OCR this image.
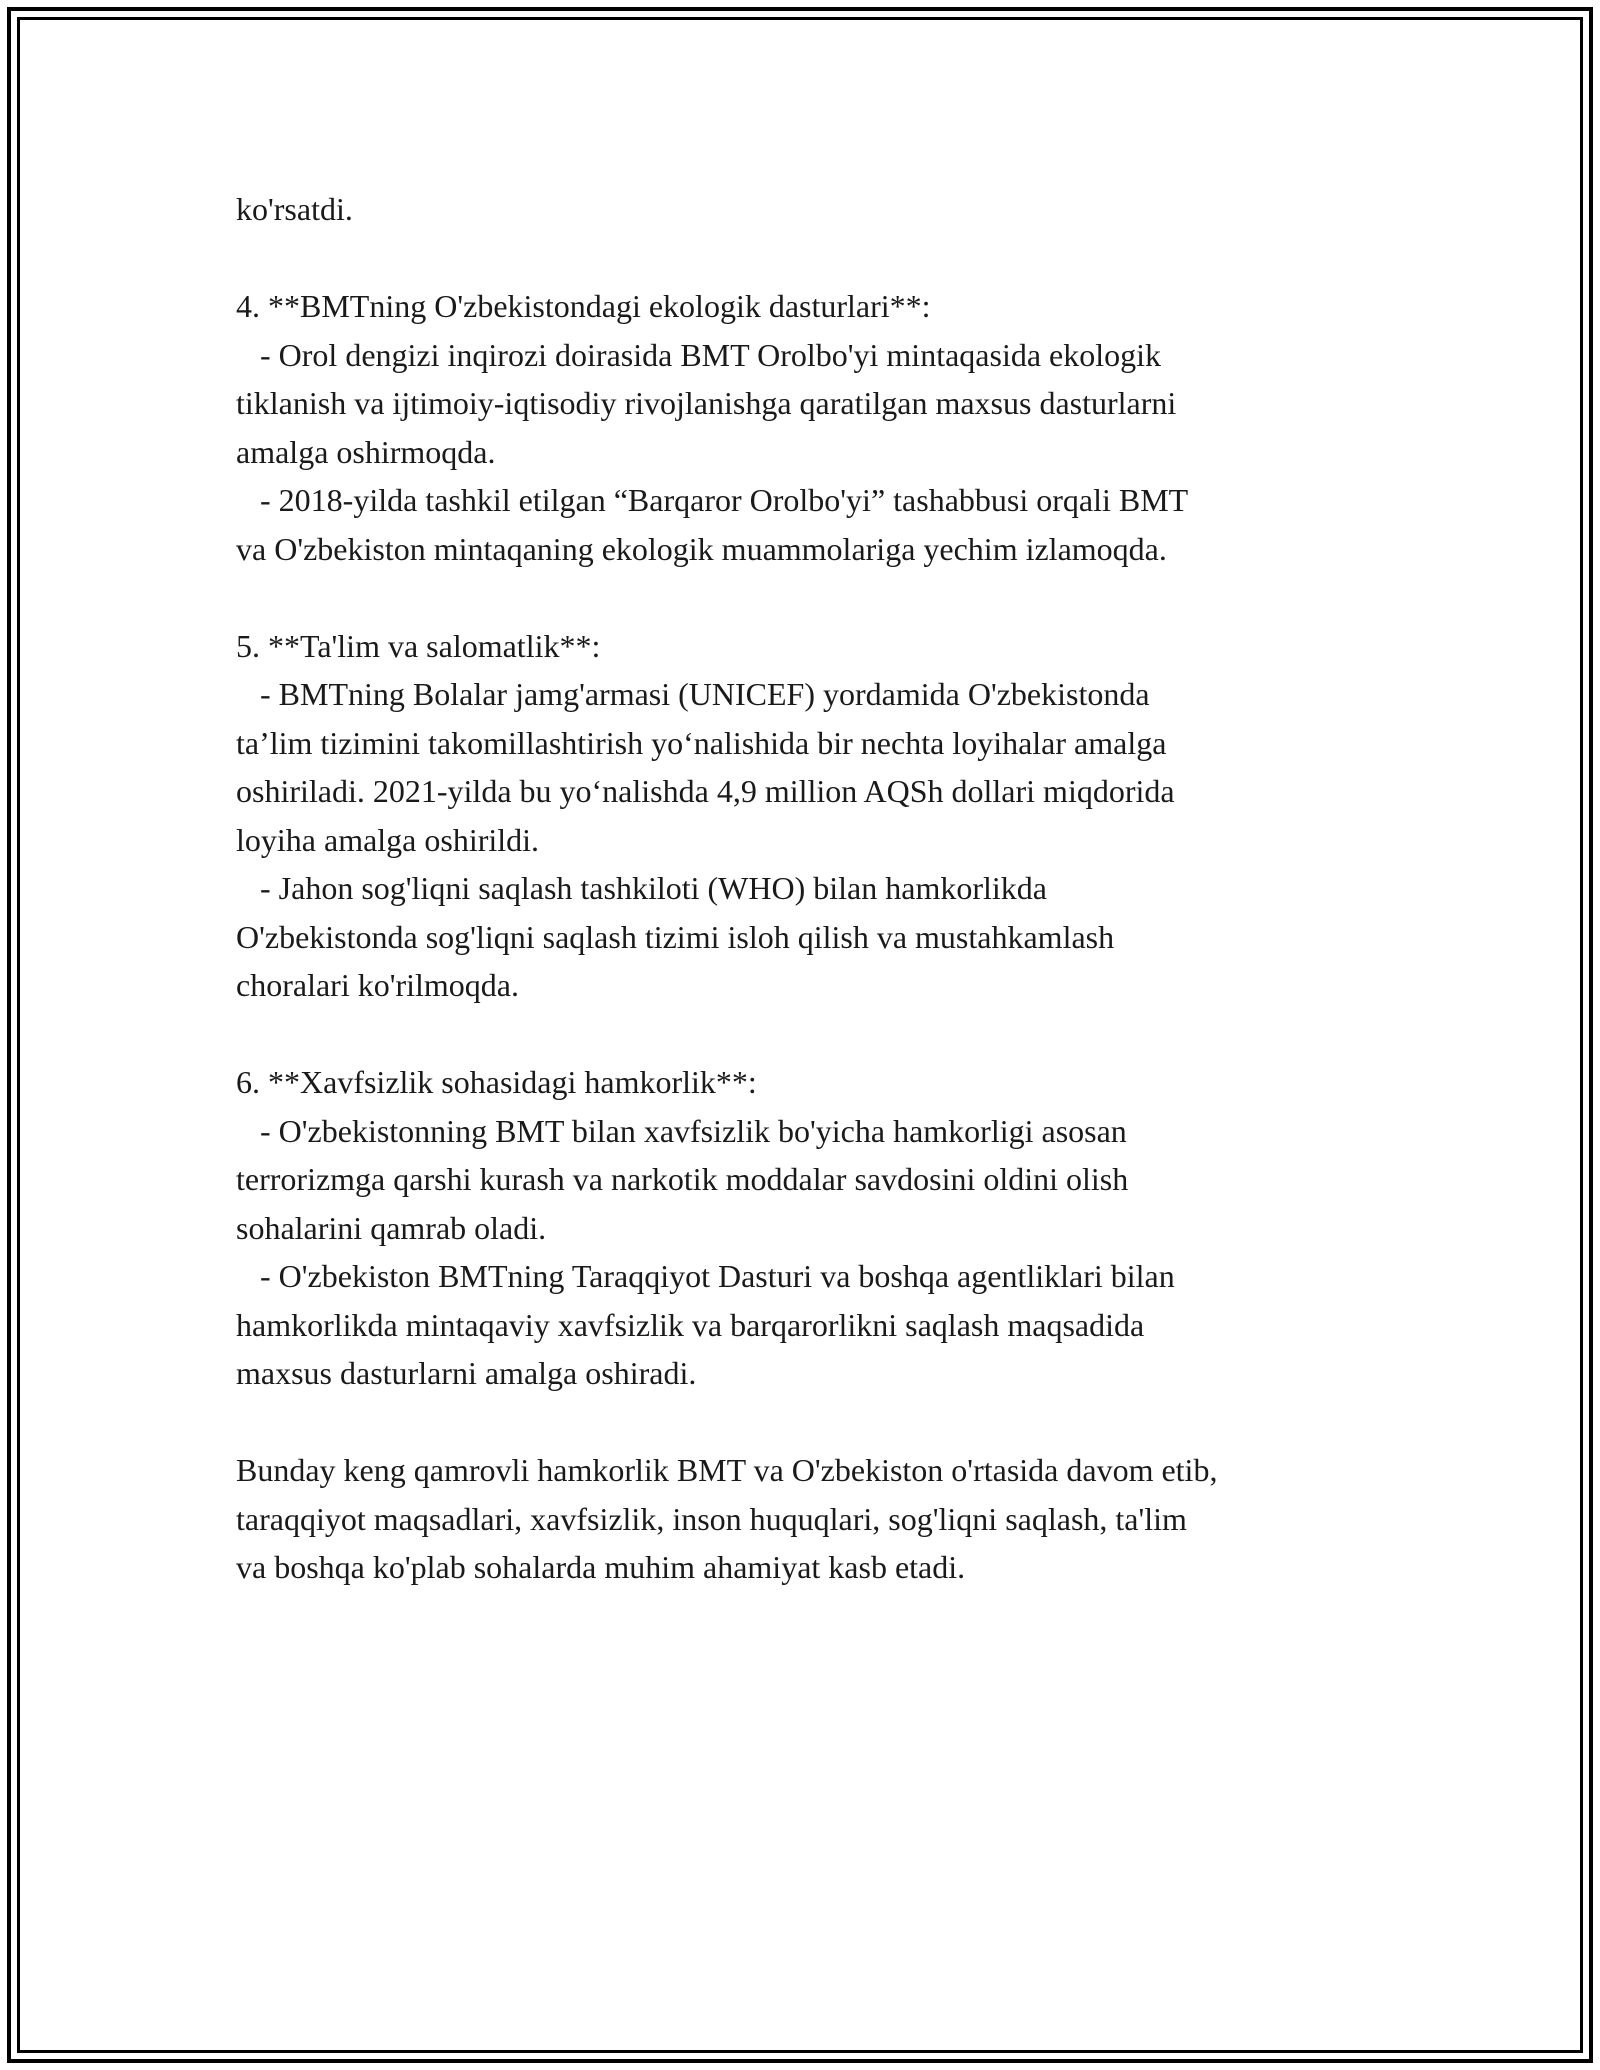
ko'rsatdi.
4. **BMTning O'zbekistondagi ekologik dasturlari**:
- Orol dengizi inqirozi doirasida BMT Orolbo'yi mintaqasida ekologik
tiklanish va ijtimoiy-iqtisodiy rivojlanishga qaratilgan maxsus dasturlarni
amalga oshirmoqda.
- 2018-yilda tashkil etilgan “Barqaror Orolbo'yi” tashabbusi orqali BMT
va O'zbekiston mintaqaning ekologik muammolariga yechim izlamoqda.
5. **Ta'lim va salomatlik**:
- BMTning Bolalar jamg'armasi (UNICEF) yordamida O'zbekistonda
ta’lim tizimini takomillashtirish yo‘nalishida bir nechta loyihalar amalga
oshiriladi. 2021-yilda bu yo‘nalishda 4,9 million AQSh dollari miqdorida
loyiha amalga oshirildi.
- Jahon sog'liqni saqlash tashkiloti (WHO) bilan hamkorlikda
O'zbekistonda sog'liqni saqlash tizimi isloh qilish va mustahkamlash
choralari ko'rilmoqda.
6. **Xavfsizlik sohasidagi hamkorlik**:
- O'zbekistonning BMT bilan xavfsizlik bo'yicha hamkorligi asosan
terrorizmga qarshi kurash va narkotik moddalar savdosini oldini olish
sohalarini qamrab oladi.
- O'zbekiston BMTning Taraqqiyot Dasturi va boshqa agentliklari bilan
hamkorlikda mintaqaviy xavfsizlik va barqarorlikni saqlash maqsadida
maxsus dasturlarni amalga oshiradi.
Bunday keng qamrovli hamkorlik BMT va O'zbekiston o'rtasida davom etib,
taraqqiyot maqsadlari, xavfsizlik, inson huquqlari, sog'liqni saqlash, ta'lim
va boshqa ko'plab sohalarda muhim ahamiyat kasb etadi.
